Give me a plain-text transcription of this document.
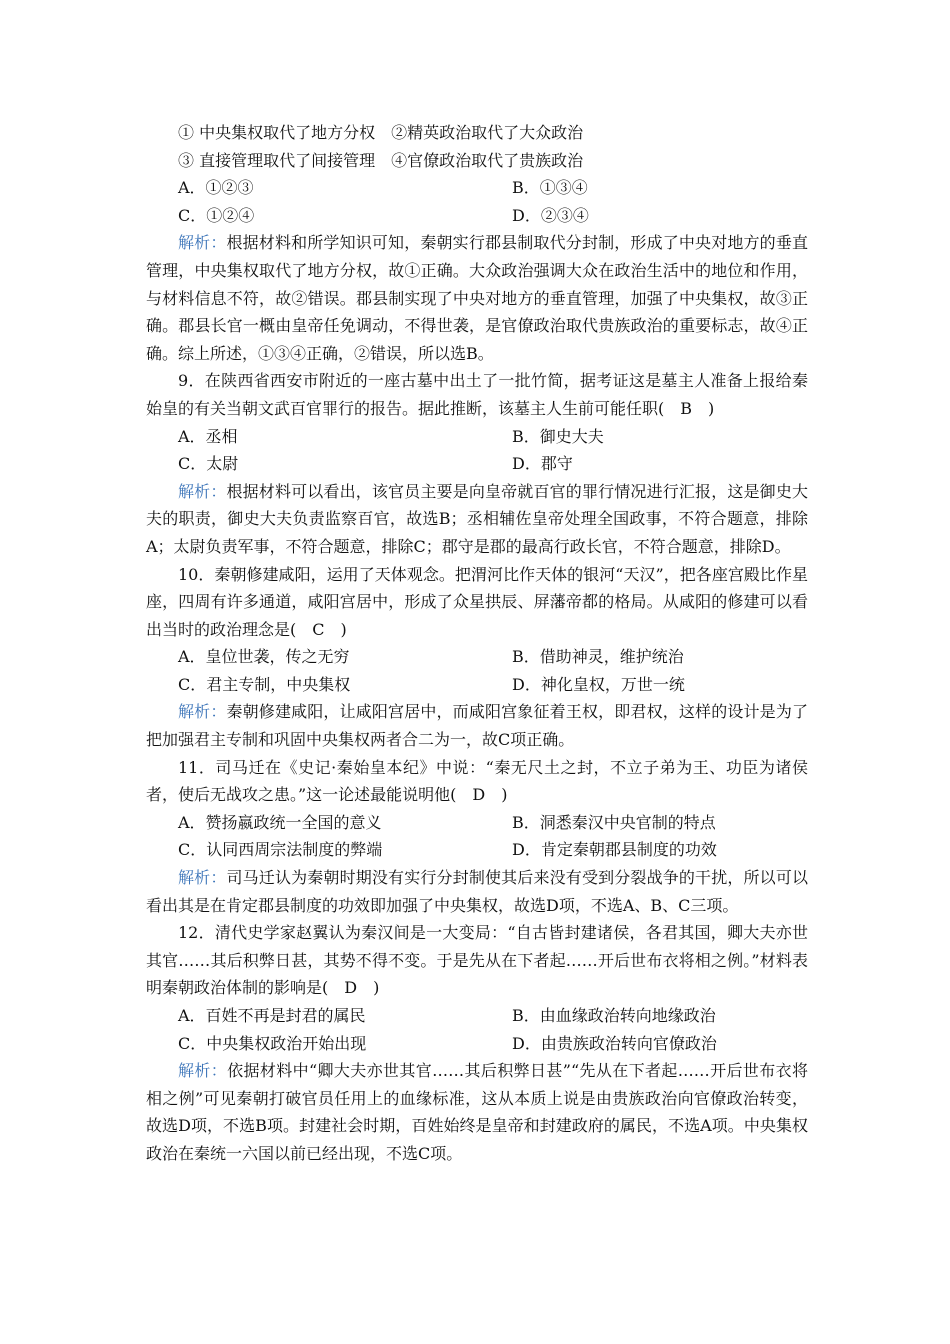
① 中央集权取代了地方分权　②精英政治取代了大众政治
③ 直接管理取代了间接管理　④官僚政治取代了贵族政治
A．①②③	B．①③④
C．①②④	D．②③④

解析：根据材料和所学知识可知，秦朝实行郡县制取代分封制，形成了中央对地方的垂直管理，中央集权取代了地方分权，故①正确。大众政治强调大众在政治生活中的地位和作用，与材料信息不符，故②错误。郡县制实现了中央对地方的垂直管理，加强了中央集权，故③正确。郡县长官一概由皇帝任免调动，不得世袭，是官僚政治取代贵族政治的重要标志，故④正确。综上所述，①③④正确，②错误，所以选B。

9．在陕西省西安市附近的一座古墓中出土了一批竹简，据考证这是墓主人准备上报给秦始皇的有关当朝文武百官罪行的报告。据此推断，该墓主人生前可能任职(　B　)

A．丞相	B．御史大夫
C．太尉	D．郡守

解析：根据材料可以看出，该官员主要是向皇帝就百官的罪行情况进行汇报，这是御史大夫的职责，御史大夫负责监察百官，故选B；丞相辅佐皇帝处理全国政事，不符合题意，排除A；太尉负责军事，不符合题意，排除C；郡守是郡的最高行政长官，不符合题意，排除D。

10．秦朝修建咸阳，运用了天体观念。把渭河比作天体的银河“天汉”，把各座宫殿比作星座，四周有许多通道，咸阳宫居中，形成了众星拱辰、屏藩帝都的格局。从咸阳的修建可以看出当时的政治理念是(　C　)

A．皇位世袭，传之无穷	B．借助神灵，维护统治
C．君主专制，中央集权	D．神化皇权，万世一统

解析：秦朝修建咸阳，让咸阳宫居中，而咸阳宫象征着王权，即君权，这样的设计是为了把加强君主专制和巩固中央集权两者合二为一，故C项正确。

11．司马迁在《史记·秦始皇本纪》中说：“秦无尺土之封，不立子弟为王、功臣为诸侯者，使后无战攻之患。”这一论述最能说明他(　D　)

A．赞扬嬴政统一全国的意义	B．洞悉秦汉中央官制的特点
C．认同西周宗法制度的弊端	D．肯定秦朝郡县制度的功效

解析：司马迁认为秦朝时期没有实行分封制使其后来没有受到分裂战争的干扰，所以可以看出其是在肯定郡县制度的功效即加强了中央集权，故选D项，不选A、B、C三项。

12．清代史学家赵翼认为秦汉间是一大变局：“自古皆封建诸侯，各君其国，卿大夫亦世其官……其后积弊日甚，其势不得不变。于是先从在下者起……开后世布衣将相之例。”材料表明秦朝政治体制的影响是(　D　)

A．百姓不再是封君的属民	B．由血缘政治转向地缘政治
C．中央集权政治开始出现	D．由贵族政治转向官僚政治

解析：依据材料中“卿大夫亦世其官……其后积弊日甚”“先从在下者起……开后世布衣将相之例”可见秦朝打破官员任用上的血缘标准，这从本质上说是由贵族政治向官僚政治转变，故选D项，不选B项。封建社会时期，百姓始终是皇帝和封建政府的属民，不选A项。中央集权政治在秦统一六国以前已经出现，不选C项。
